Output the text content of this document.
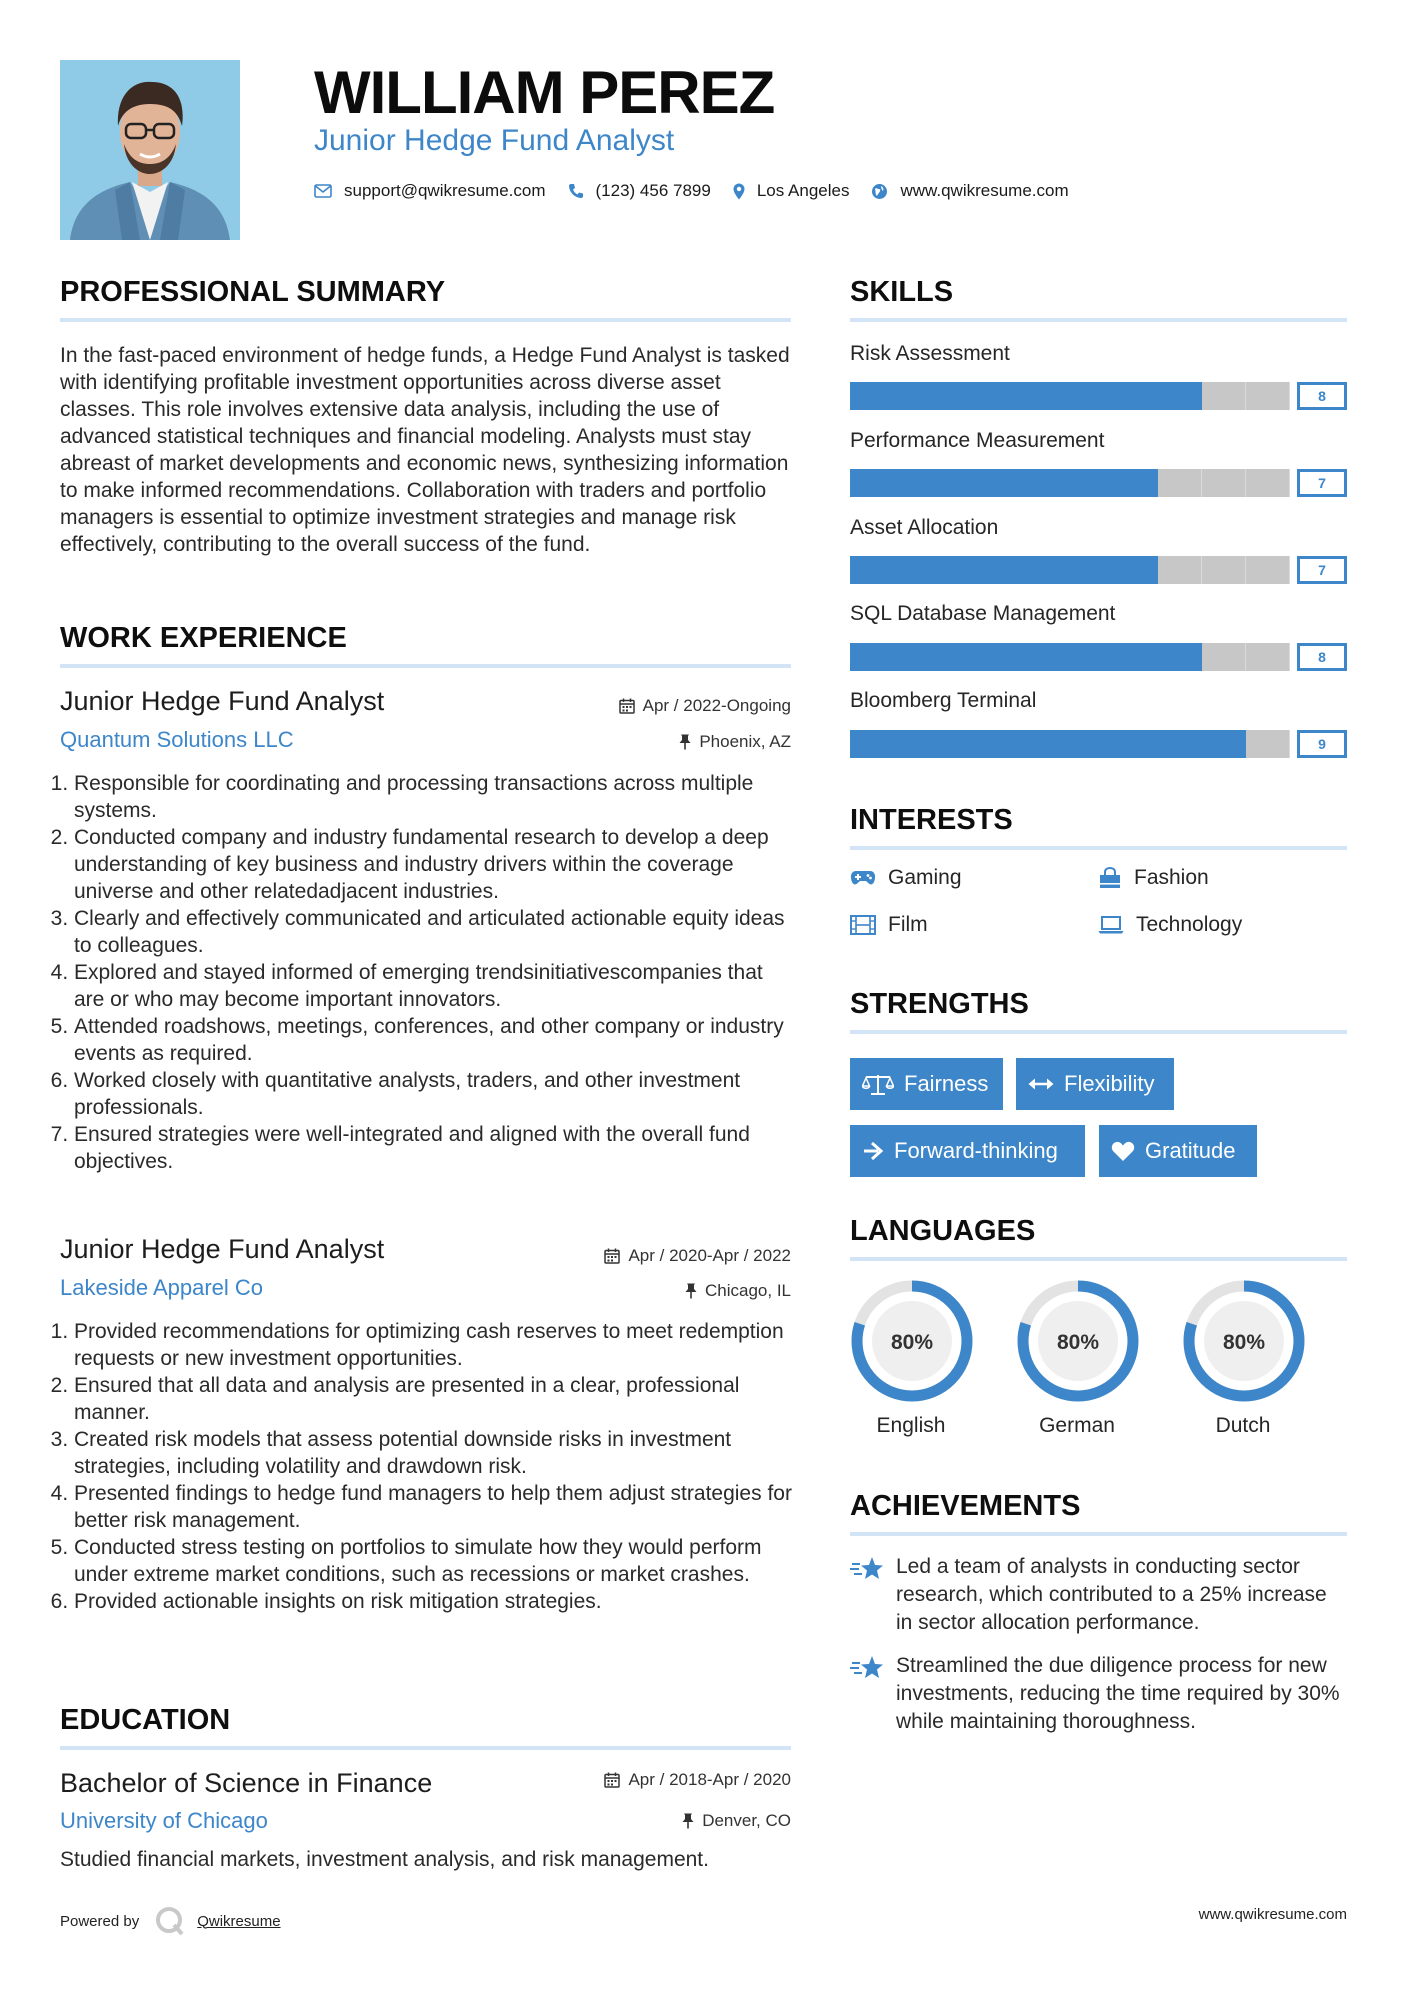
WILLIAM PEREZ
Junior Hedge Fund Analyst
support@qwikresume.com	(123) 456 7899	Los Angeles	www.qwikresume.com
PROFESSIONAL SUMMARY
In the fast-paced environment of hedge funds, a Hedge Fund Analyst is tasked with identifying profitable investment opportunities across diverse asset classes. This role involves extensive data analysis, including the use of advanced statistical techniques and financial modeling. Analysts must stay abreast of market developments and economic news, synthesizing information to make informed recommendations. Collaboration with traders and portfolio managers is essential to optimize investment strategies and manage risk effectively, contributing to the overall success of the fund.
WORK EXPERIENCE
Junior Hedge Fund Analyst	Apr / 2022-Ongoing
Quantum Solutions LLC	Phoenix, AZ
1. Responsible for coordinating and processing transactions across multiple systems.
2. Conducted company and industry fundamental research to develop a deep understanding of key business and industry drivers within the coverage universe and other relatedadjacent industries.
3. Clearly and effectively communicated and articulated actionable equity ideas to colleagues.
4. Explored and stayed informed of emerging trendsinitiativescompanies that are or who may become important innovators.
5. Attended roadshows, meetings, conferences, and other company or industry events as required.
6. Worked closely with quantitative analysts, traders, and other investment professionals.
7. Ensured strategies were well-integrated and aligned with the overall fund objectives.
Junior Hedge Fund Analyst	Apr / 2020-Apr / 2022
Lakeside Apparel Co	Chicago, IL
1. Provided recommendations for optimizing cash reserves to meet redemption requests or new investment opportunities.
2. Ensured that all data and analysis are presented in a clear, professional manner.
3. Created risk models that assess potential downside risks in investment strategies, including volatility and drawdown risk.
4. Presented findings to hedge fund managers to help them adjust strategies for better risk management.
5. Conducted stress testing on portfolios to simulate how they would perform under extreme market conditions, such as recessions or market crashes.
6. Provided actionable insights on risk mitigation strategies.
EDUCATION
Bachelor of Science in Finance	Apr / 2018-Apr / 2020
University of Chicago	Denver, CO
Studied financial markets, investment analysis, and risk management.
SKILLS
Risk Assessment
8
Performance Measurement
7
Asset Allocation
7
SQL Database Management
8
Bloomberg Terminal
9
INTERESTS
Gaming	Fashion
Film	Technology
STRENGTHS
Fairness	Flexibility
Forward-thinking	Gratitude
LANGUAGES
80%
English
80%
German
80%
Dutch
ACHIEVEMENTS
Led a team of analysts in conducting sector research, which contributed to a 25% increase in sector allocation performance.
Streamlined the due diligence process for new investments, reducing the time required by 30% while maintaining thoroughness.
Powered by	Qwikresume	www.qwikresume.com
